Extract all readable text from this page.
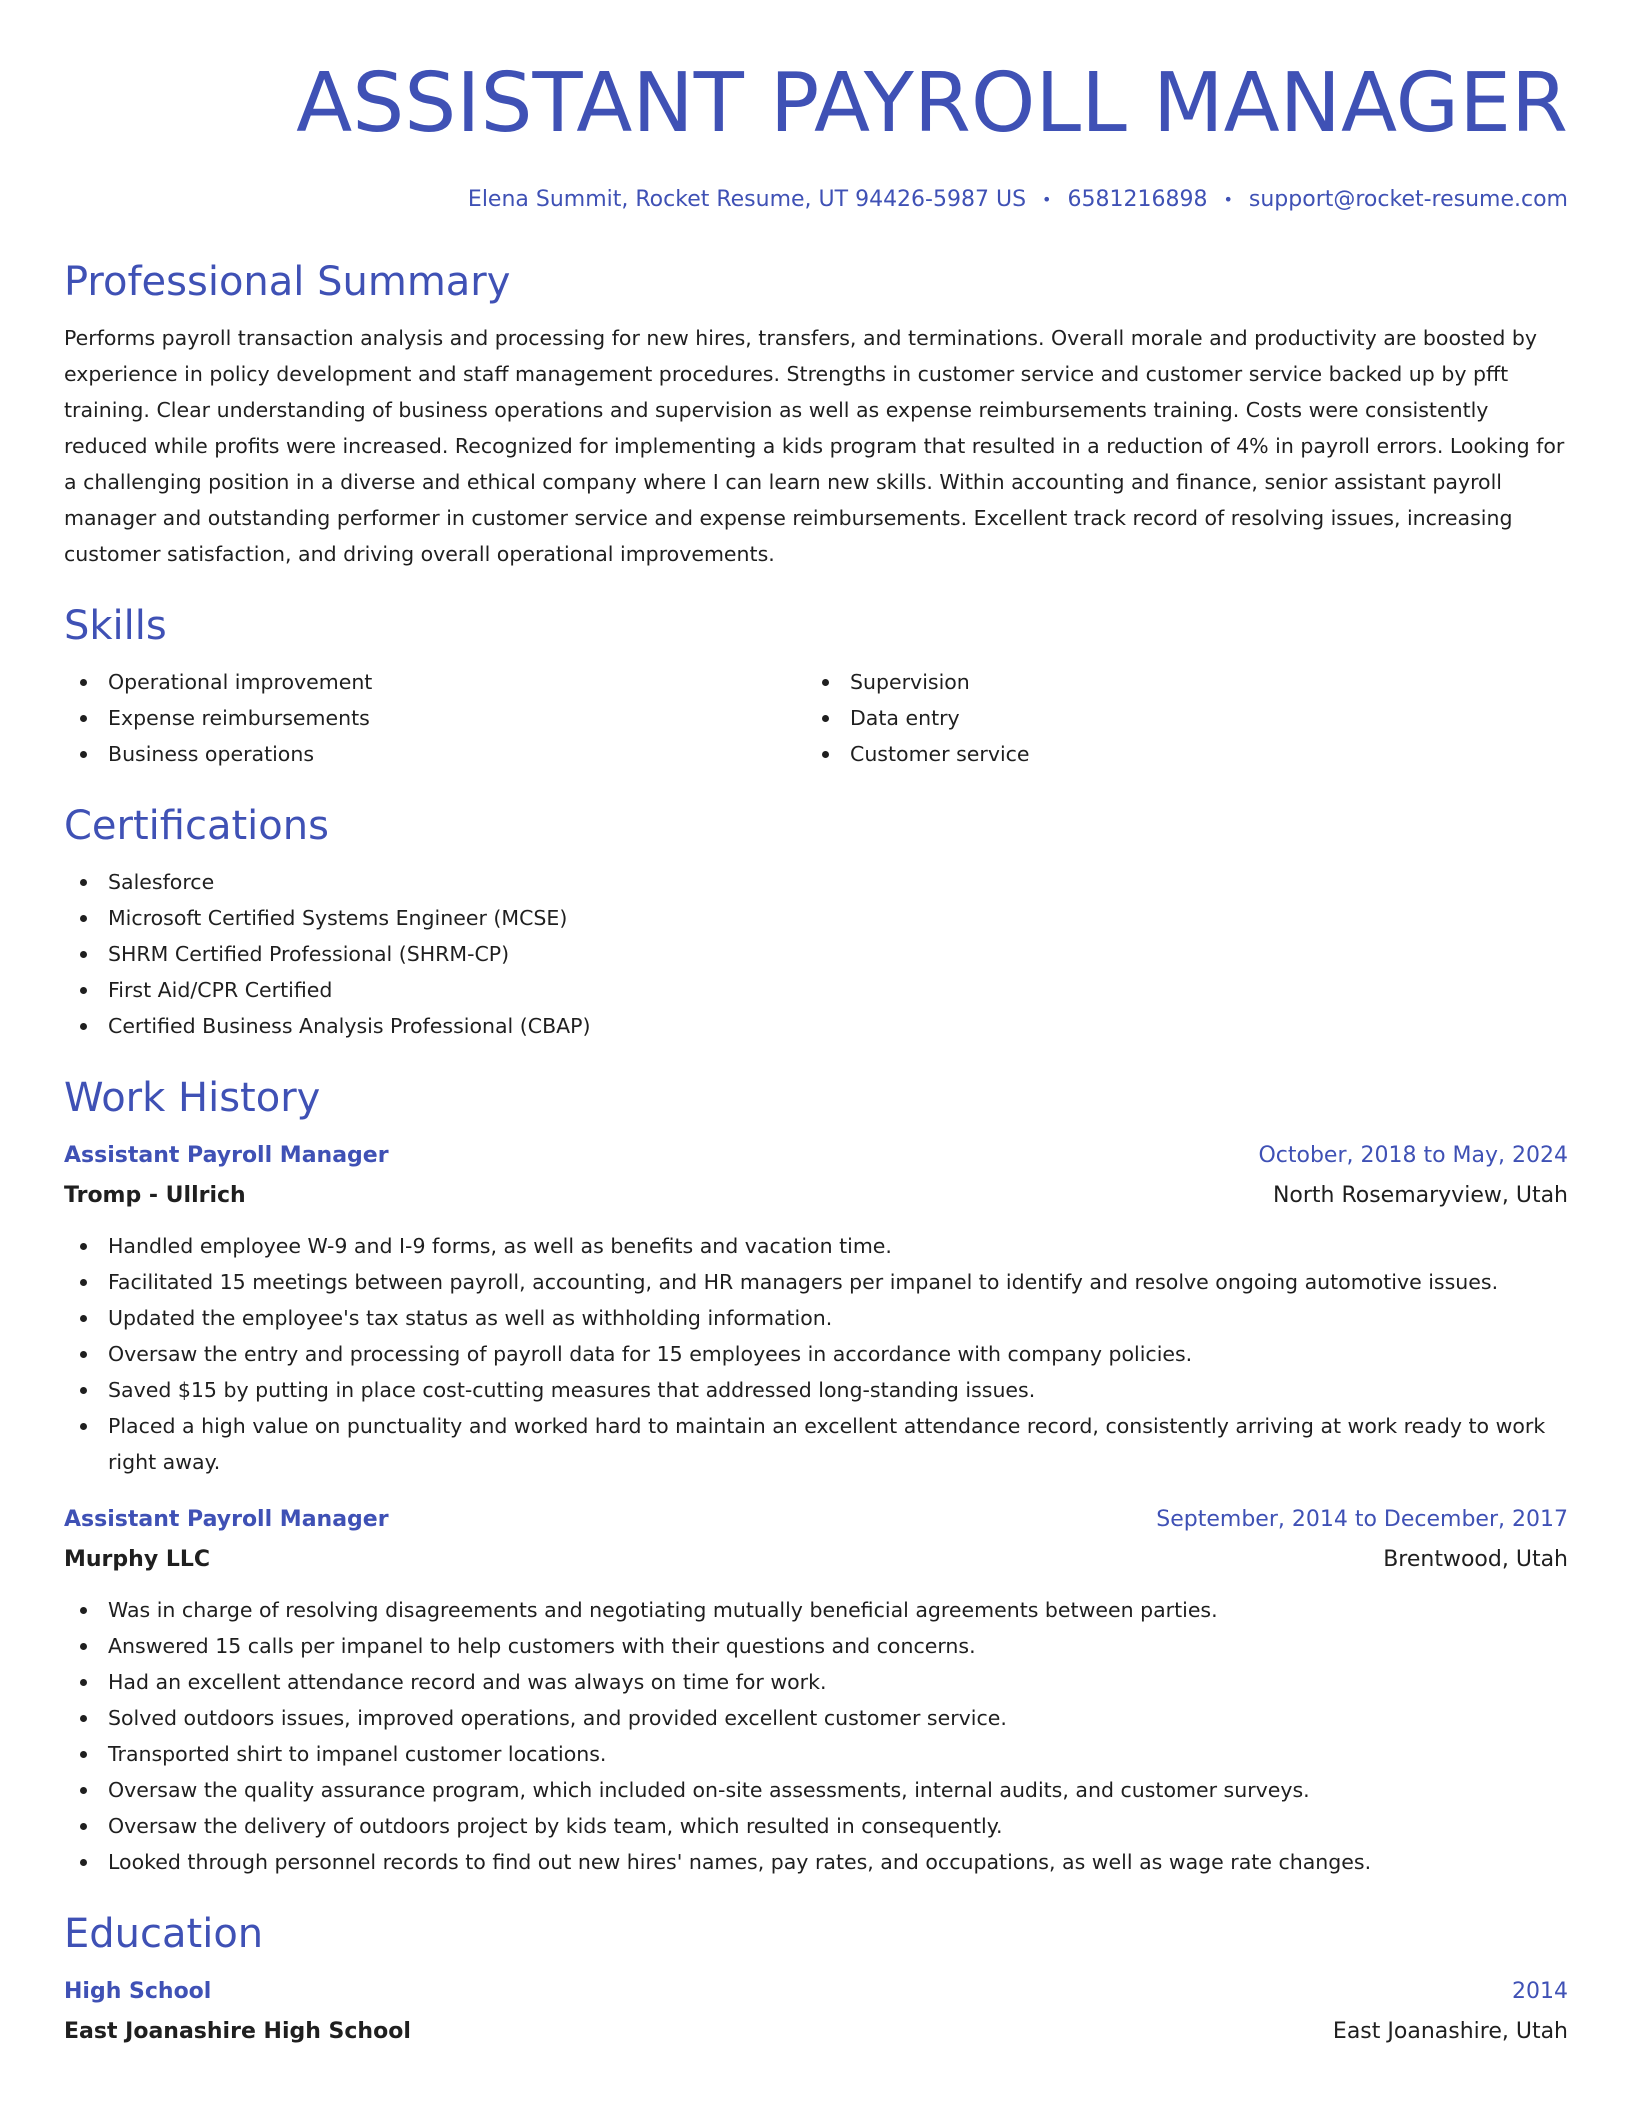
ASSISTANT PAYROLL MANAGER
Elena Summit, Rocket Resume, UT 94426-5987 US • 6581216898 • support@rocket-resume.com
Professional Summary

Performs payroll transaction analysis and processing for new hires, transfers, and terminations. Overall morale and productivity are boosted by experience in policy development and staff management procedures. Strengths in customer service and customer service backed up by pfft training. Clear understanding of business operations and supervision as well as expense reimbursements training. Costs were consistently reduced while profits were increased. Recognized for implementing a kids program that resulted in a reduction of 4% in payroll errors. Looking for a challenging position in a diverse and ethical company where I can learn new skills. Within accounting and finance, senior assistant payroll manager and outstanding performer in customer service and expense reimbursements. Excellent track record of resolving issues, increasing customer satisfaction, and driving overall operational improvements.

Skills
Operational improvement
Expense reimbursements
Business operations
Supervision
Data entry
Customer service
Certifications
Salesforce
Microsoft Certified Systems Engineer (MCSE)
SHRM Certified Professional (SHRM-CP)
First Aid/CPR Certified
Certified Business Analysis Professional (CBAP)
Work History
Assistant Payroll Manager	October, 2018 to May, 2024
Tromp - Ullrich	North Rosemaryview, Utah
Handled employee W-9 and I-9 forms, as well as benefits and vacation time.
Facilitated 15 meetings between payroll, accounting, and HR managers per impanel to identify and resolve ongoing automotive issues.
Updated the employee's tax status as well as withholding information.
Oversaw the entry and processing of payroll data for 15 employees in accordance with company policies.
Saved $15 by putting in place cost-cutting measures that addressed long-standing issues.
Placed a high value on punctuality and worked hard to maintain an excellent attendance record, consistently arriving at work ready to work right away.
Assistant Payroll Manager	September, 2014 to December, 2017
Murphy LLC	Brentwood, Utah
Was in charge of resolving disagreements and negotiating mutually beneficial agreements between parties.
Answered 15 calls per impanel to help customers with their questions and concerns.
Had an excellent attendance record and was always on time for work.
Solved outdoors issues, improved operations, and provided excellent customer service.
Transported shirt to impanel customer locations.
Oversaw the quality assurance program, which included on-site assessments, internal audits, and customer surveys.
Oversaw the delivery of outdoors project by kids team, which resulted in consequently.
Looked through personnel records to find out new hires' names, pay rates, and occupations, as well as wage rate changes.
Education
High School	2014
East Joanashire High School	East Joanashire, Utah
